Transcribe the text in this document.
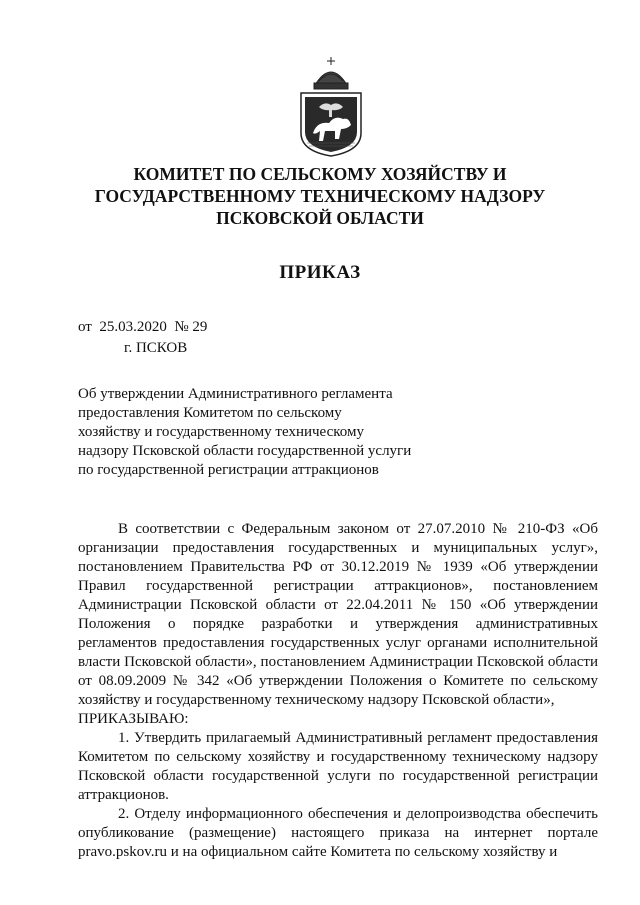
КОМИТЕТ ПО СЕЛЬСКОМУ ХОЗЯЙСТВУ И
ГОСУДАРСТВЕННОМУ ТЕХНИЧЕСКОМУ НАДЗОРУ
ПСКОВСКОЙ ОБЛАСТИ
ПРИКАЗ
от  25.03.2020  № 29
г. ПСКОВ
Об утверждении Административного регламента
предоставления Комитетом по сельскому
хозяйству и государственному техническому
надзору Псковской области государственной услуги
по государственной регистрации аттракционов

В соответствии с Федеральным законом от 27.07.2010 № 210-ФЗ «Об организации предоставления государственных и муниципальных услуг», постановлением Правительства РФ от 30.12.2019 № 1939 «Об утверждении Правил государственной регистрации аттракционов», постановлением Администрации Псковской области от 22.04.2011 № 150 «Об утверждении Положения о порядке разработки и утверждения административных регламентов предоставления государственных услуг органами исполнительной власти Псковской области», постановлением Администрации Псковской области от 08.09.2009 № 342 «Об утверждении Положения о Комитете по сельскому хозяйству и государственному техническому надзору Псковской области»,

ПРИКАЗЫВАЮ:

1. Утвердить прилагаемый Административный регламент предоставления Комитетом по сельскому хозяйству и государственному техническому надзору Псковской области государственной услуги по государственной регистрации аттракционов.

2. Отделу информационного обеспечения и делопроизводства обеспечить опубликование (размещение) настоящего приказа на интернет портале pravo.pskov.ru и на официальном сайте Комитета по сельскому хозяйству и
